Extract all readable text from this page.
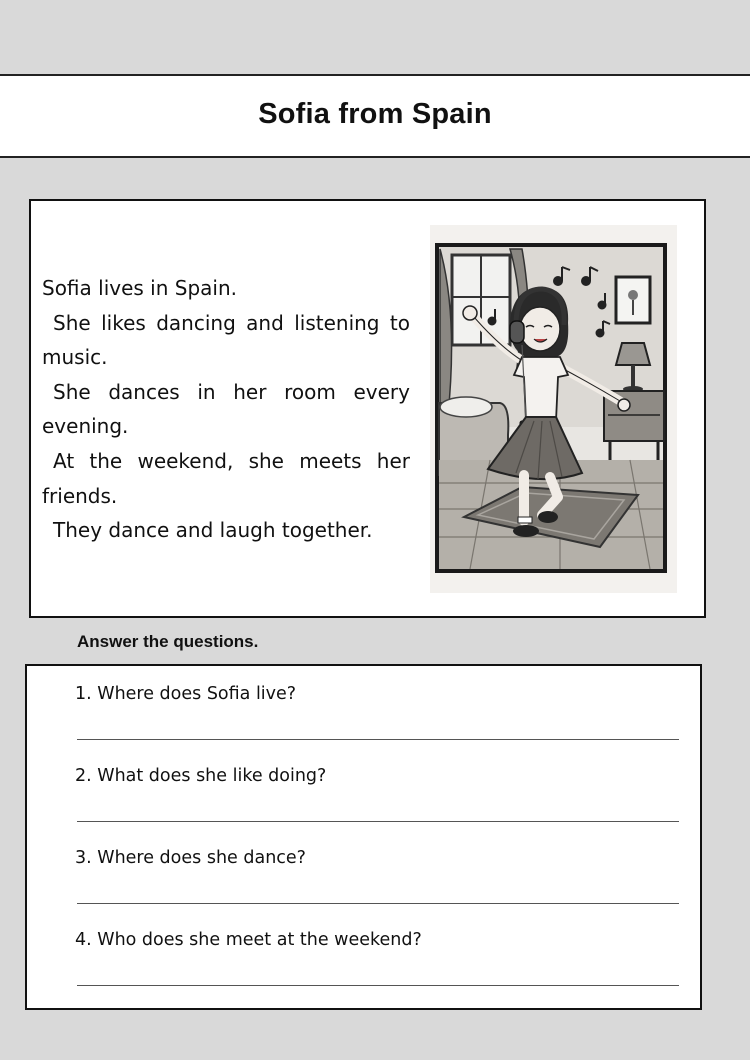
Sofia from Spain
Sofia lives in Spain.
She likes dancing and listening to music.
She dances in her room every evening.
At the weekend, she meets her friends.
They dance and laugh together.

Answer the questions.

1. Where does Sofia live?

2. What does she like doing?

3. Where does she dance?

4. Who does she meet at the weekend?
